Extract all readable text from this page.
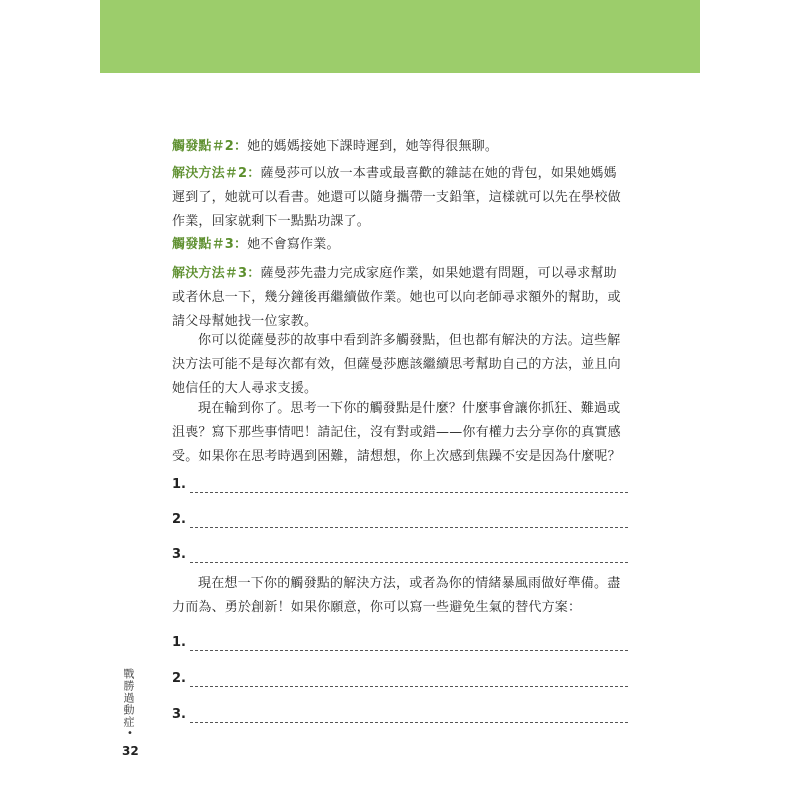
觸發點＃2：她的媽媽接她下課時遲到，她等得很無聊。

解決方法＃2：薩曼莎可以放一本書或最喜歡的雜誌在她的背包，如果她媽媽遲到了，她就可以看書。她還可以隨身攜帶一支鉛筆，這樣就可以先在學校做作業，回家就剩下一點點功課了。

觸發點＃3：她不會寫作業。

解決方法＃3：薩曼莎先盡力完成家庭作業，如果她還有問題，可以尋求幫助或者休息一下，幾分鐘後再繼續做作業。她也可以向老師尋求額外的幫助，或請父母幫她找一位家教。

你可以從薩曼莎的故事中看到許多觸發點，但也都有解決的方法。這些解決方法可能不是每次都有效，但薩曼莎應該繼續思考幫助自己的方法，並且向她信任的大人尋求支援。

現在輪到你了。思考一下你的觸發點是什麼？什麼事會讓你抓狂、難過或沮喪？寫下那些事情吧！請記住，沒有對或錯——你有權力去分享你的真實感受。如果你在思考時遇到困難，請想想，你上次感到焦躁不安是因為什麼呢？

1.
2.
3.

現在想一下你的觸發點的解決方法，或者為你的情緒暴風雨做好準備。盡力而為、勇於創新！如果你願意，你可以寫一些避免生氣的替代方案：

1.
2.
3.
戰勝過動症
•
32
